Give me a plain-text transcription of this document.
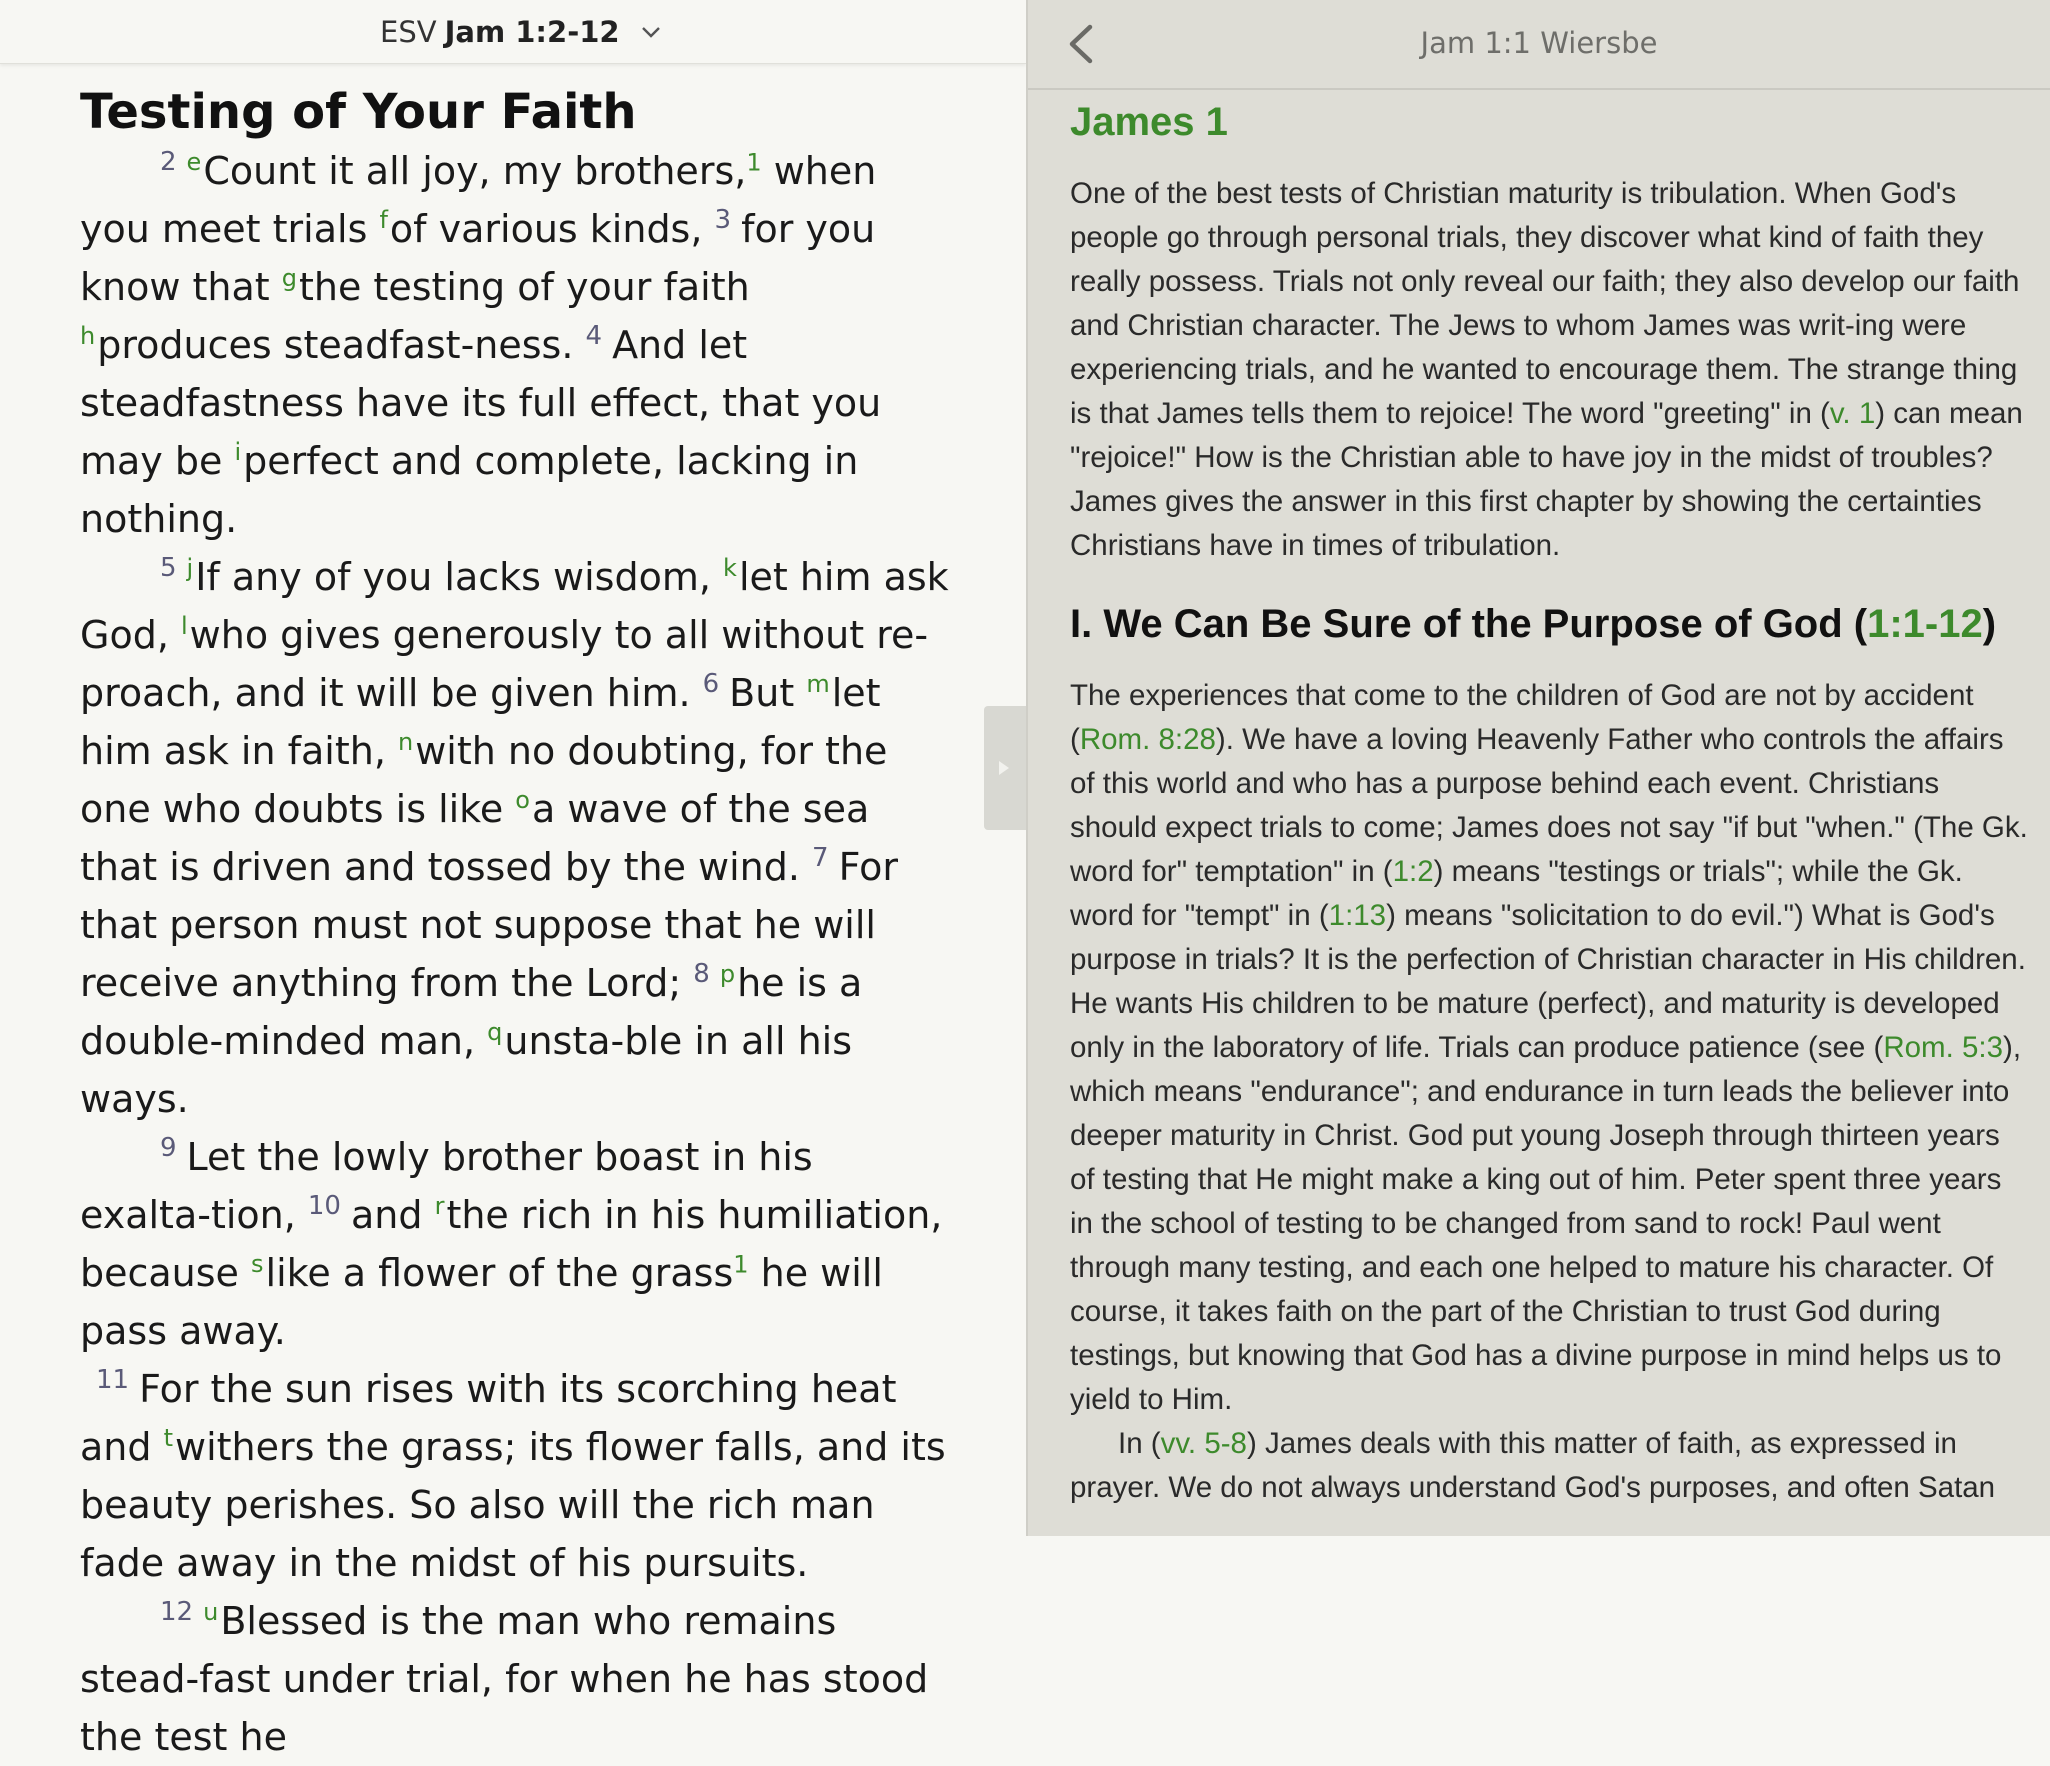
ESV Jam 1:2-12
Testing of Your Faith

$^2$ $^e$Count it all joy, my brothers,$^1$ when you meet trials $^f$of various kinds, $^3$ for you know that $^g$the testing of your faith $^h$produces steadfast-ness. $^4$ And let steadfastness have its full effect, that you may be $^i$perfect and complete, lacking in nothing.

$^5$ $^j$If any of you lacks wisdom, $^k$let him ask God, $^l$who gives generously to all without re-proach, and it will be given him. $^6$ But $^m$let him ask in faith, $^n$with no doubting, for the one who doubts is like $^o$a wave of the sea that is driven and tossed by the wind. $^7$ For that person must not suppose that he will receive anything from the Lord; $^8$ $^p$he is a double-minded man, $^q$unsta-ble in all his ways.

$^9$ Let the lowly brother boast in his exalta-tion, $^{10}$ and $^r$the rich in his humiliation, because $^s$like a flower of the grass$^1$ he will pass away.

$^{11}$ For the sun rises with its scorching heat and $^t$withers the grass; its flower falls, and its beauty perishes. So also will the rich man fade away in the midst of his pursuits.

$^{12}$ $^u$Blessed is the man who remains stead-fast under trial, for when he has stood the test he

Jam 1:1 Wiersbe
James 1

One of the best tests of Christian maturity is tribulation. When God's people go through personal trials, they discover what kind of faith they really possess. Trials not only reveal our faith; they also develop our faith and Christian character. The Jews to whom James was writ-ing were experiencing trials, and he wanted to encourage them. The strange thing is that James tells them to rejoice! The word "greeting" in (v. 1) can mean "rejoice!" How is the Christian able to have joy in the midst of troubles? James gives the answer in this first chapter by showing the certainties Christians have in times of tribulation.

I. We Can Be Sure of the Purpose of God (1:1-12)

The experiences that come to the children of God are not by accident (Rom. 8:28). We have a loving Heavenly Father who controls the affairs of this world and who has a purpose behind each event. Christians should expect trials to come; James does not say "if but "when." (The Gk. word for" temptation" in (1:2) means "testings or trials"; while the Gk. word for "tempt" in (1:13) means "solicitation to do evil.") What is God's purpose in trials? It is the perfection of Christian character in His children. He wants His children to be mature (perfect), and maturity is developed only in the laboratory of life. Trials can produce patience (see (Rom. 5:3), which means "endurance"; and endurance in turn leads the believer into deeper maturity in Christ. God put young Joseph through thirteen years of testing that He might make a king out of him. Peter spent three years in the school of testing to be changed from sand to rock! Paul went through many testing, and each one helped to mature his character. Of course, it takes faith on the part of the Christian to trust God during testings, but knowing that God has a divine purpose in mind helps us to yield to Him.

In (vv. 5-8) James deals with this matter of faith, as expressed in prayer. We do not always understand God's purposes, and often Satan
